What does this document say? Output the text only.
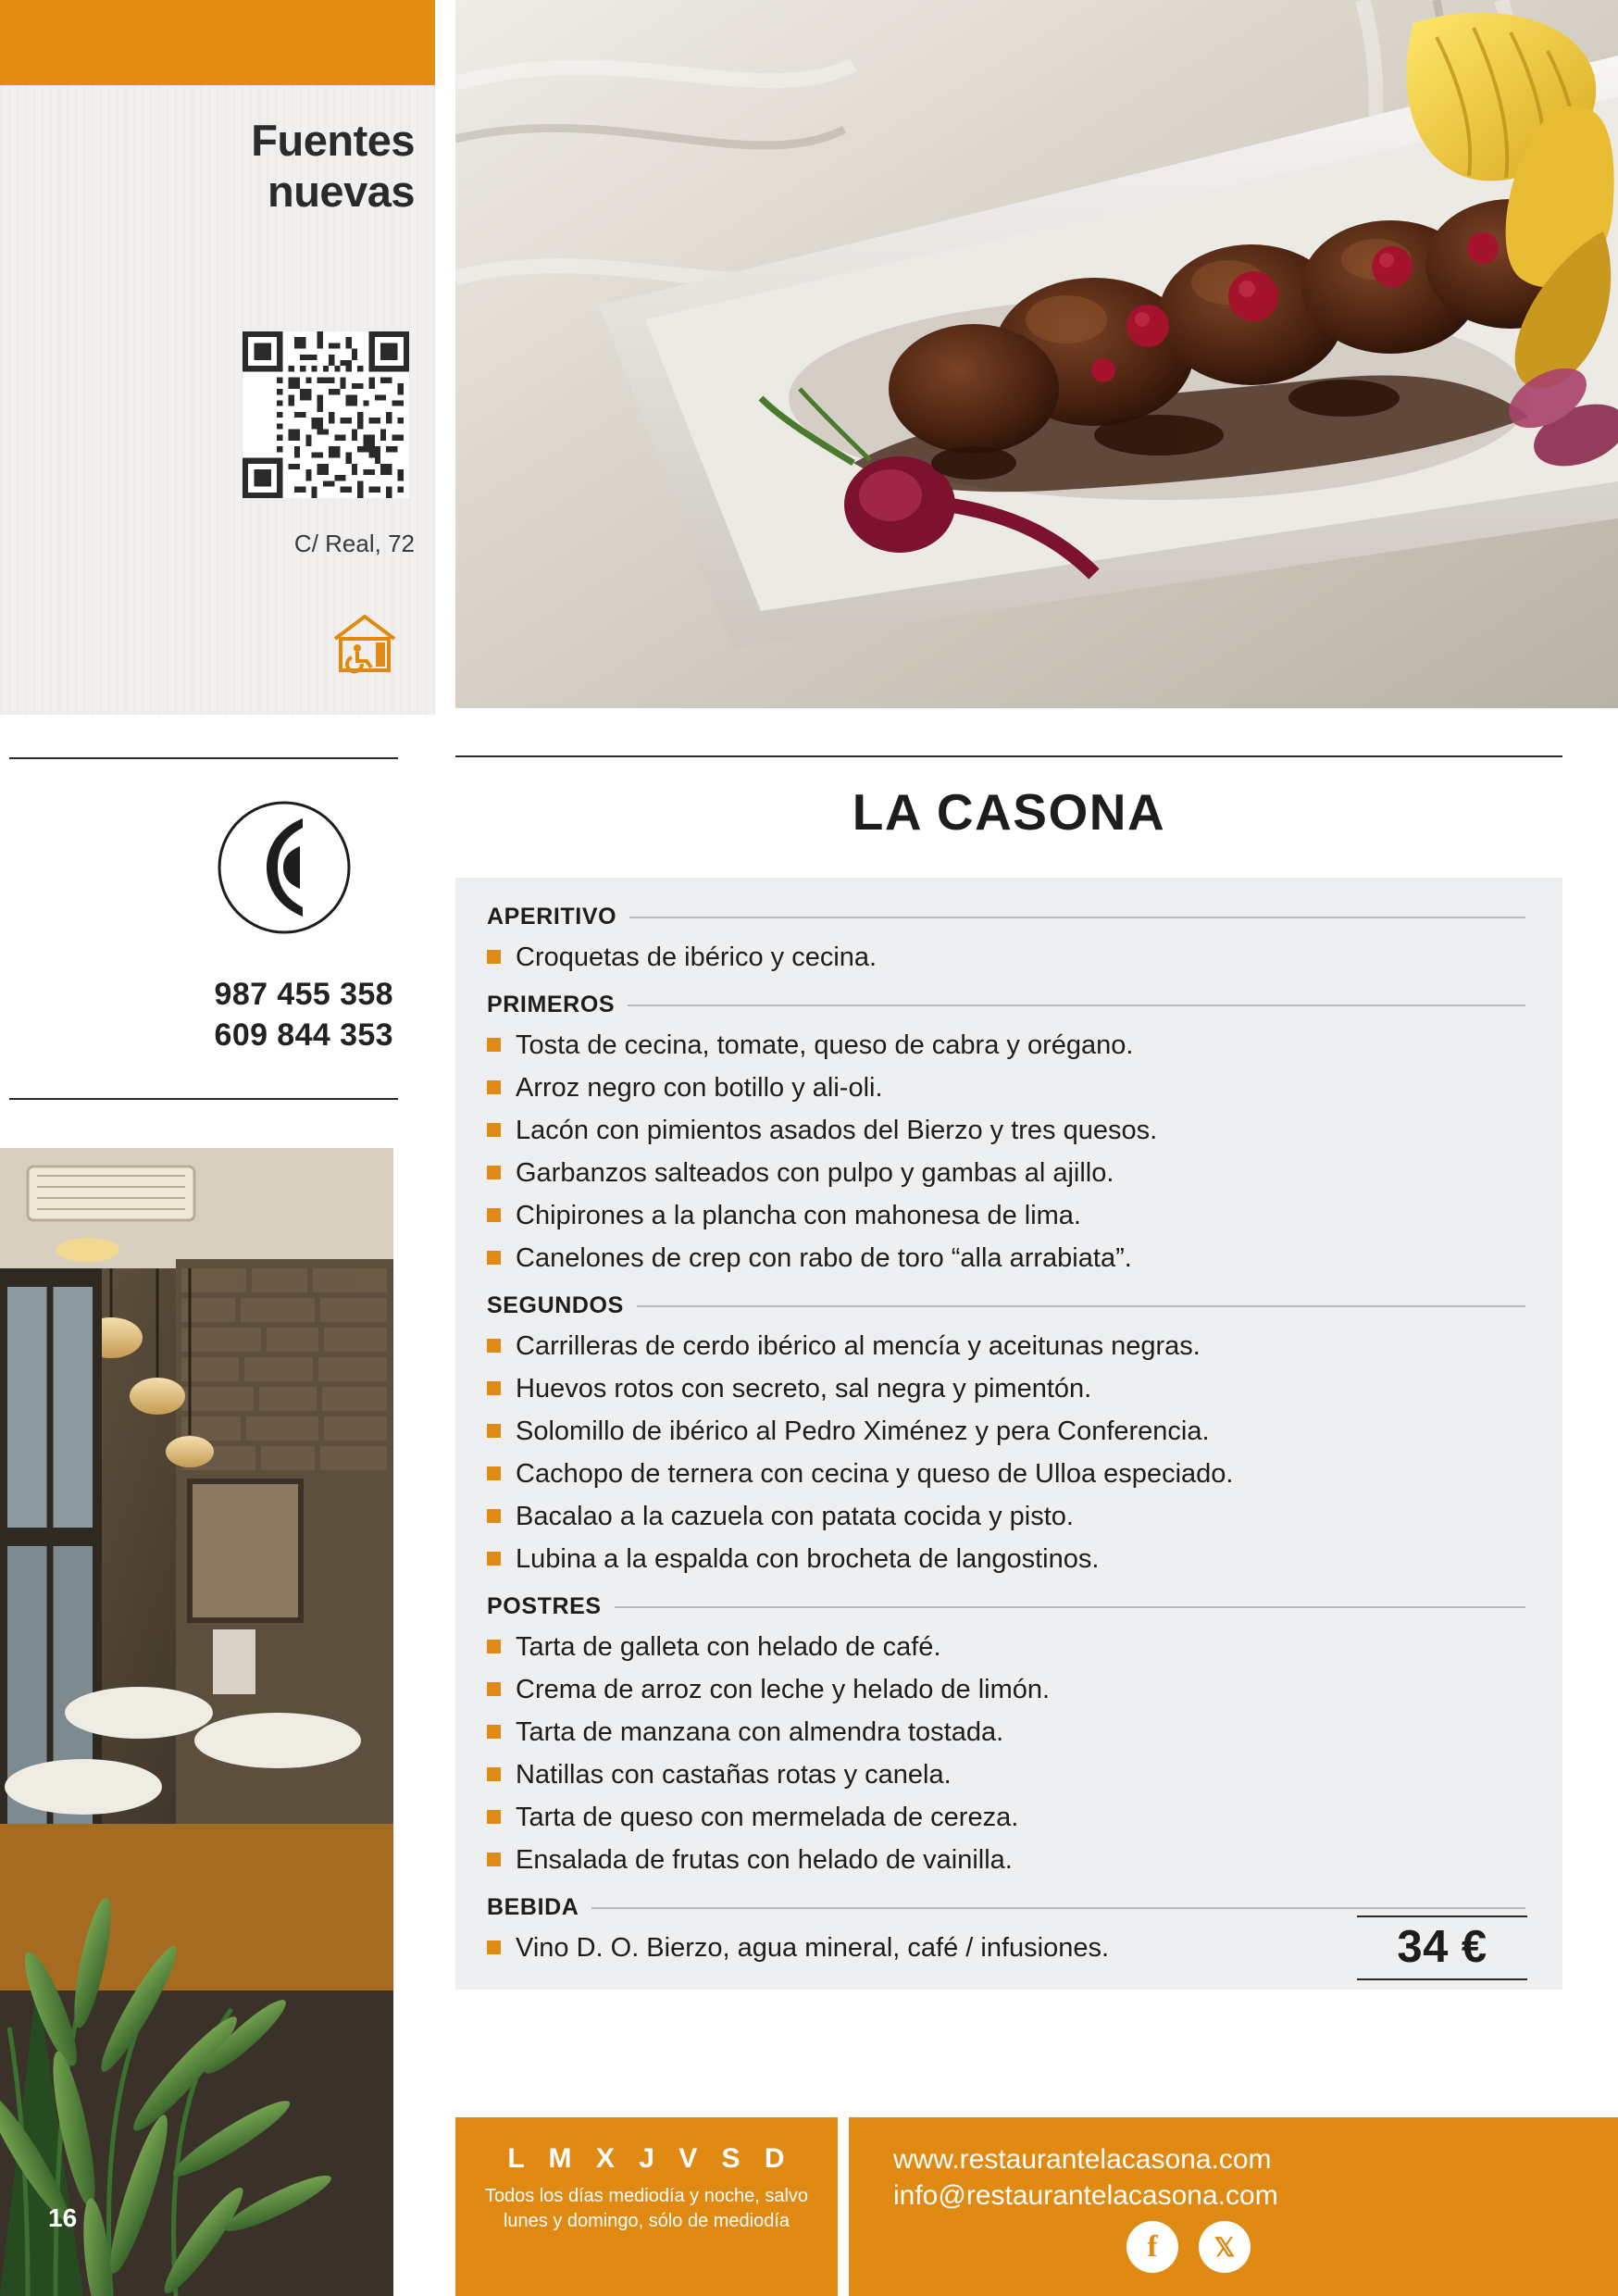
Fuentes
nuevas
C/ Real, 72
987 455 358
609 844 353
16
LA CASONA
APERITIVO
Croquetas de ibérico y cecina.
PRIMEROS
Tosta de cecina, tomate, queso de cabra y orégano.
Arroz negro con botillo y ali-oli.
Lacón con pimientos asados del Bierzo y tres quesos.
Garbanzos salteados con pulpo y gambas al ajillo.
Chipirones a la plancha con mahonesa de lima.
Canelones de crep con rabo de toro “alla arrabiata”.
SEGUNDOS
Carrilleras de cerdo ibérico al mencía y aceitunas negras.
Huevos rotos con secreto, sal negra y pimentón.
Solomillo de ibérico al Pedro Ximénez y pera Conferencia.
Cachopo de ternera con cecina y queso de Ulloa especiado.
Bacalao a la cazuela con patata cocida y pisto.
Lubina a la espalda con brocheta de langostinos.
POSTRES
Tarta de galleta con helado de café.
Crema de arroz con leche y helado de limón.
Tarta de manzana con almendra tostada.
Natillas con castañas rotas y canela.
Tarta de queso con mermelada de cereza.
Ensalada de frutas con helado de vainilla.
BEBIDA
Vino D. O. Bierzo, agua mineral, café / infusiones.	34 €
L M X J V S D
Todos los días mediodía y noche, salvo lunes y domingo, sólo de mediodía
www.restaurantelacasona.com
info@restaurantelacasona.com
f	𝕏
